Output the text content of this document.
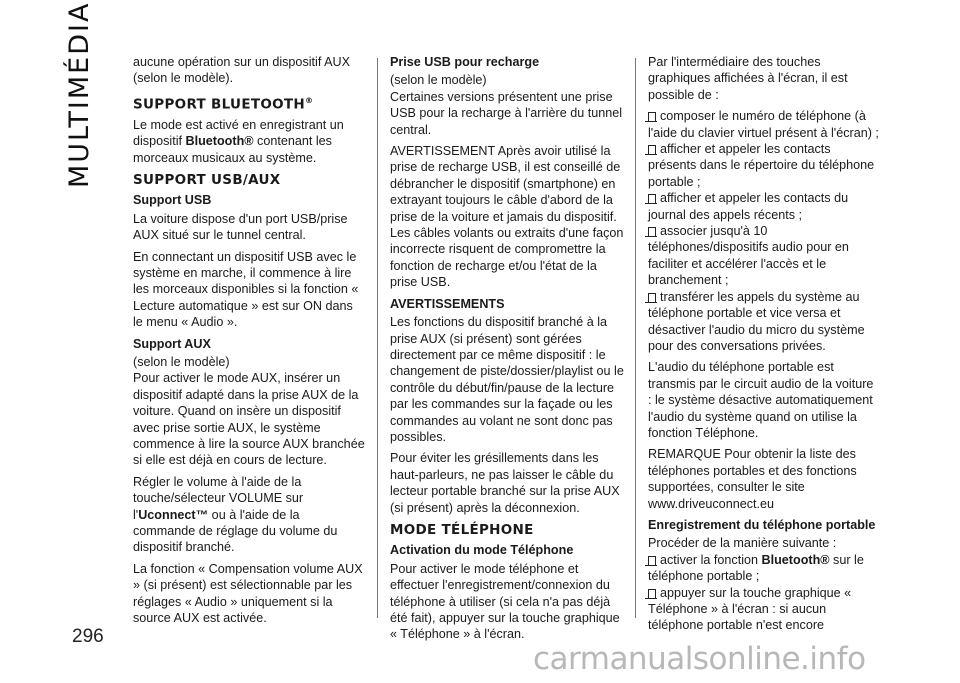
MULTIMÉDIA	aucune opération sur un dispositif AUX (selon le modèle).

SUPPORT BLUETOOTH®

Le mode est activé en enregistrant un dispositif Bluetooth® contenant les morceaux musicaux au système.

SUPPORT USB/AUX
Support USB

La voiture dispose d'un port USB/prise AUX situé sur le tunnel central.

En connectant un dispositif USB avec le système en marche, il commence à lire les morceaux disponibles si la fonction « Lecture automatique » est sur ON dans le menu « Audio ».

Support AUX

(selon le modèle)

Pour activer le mode AUX, insérer un dispositif adapté dans la prise AUX de la voiture. Quand on insère un dispositif avec prise sortie AUX, le système commence à lire la source AUX branchée si elle est déjà en cours de lecture.

Régler le volume à l'aide de la touche/sélecteur VOLUME sur l'Uconnect™ ou à l'aide de la commande de réglage du volume du dispositif branché.

La fonction « Compensation volume AUX » (si présent) est sélectionnable par les réglages « Audio » uniquement si la source AUX est activée.

Prise USB pour recharge

(selon le modèle)

Certaines versions présentent une prise USB pour la recharge à l'arrière du tunnel central.

AVERTISSEMENT Après avoir utilisé la prise de recharge USB, il est conseillé de débrancher le dispositif (smartphone) en extrayant toujours le câble d'abord de la prise de la voiture et jamais du dispositif. Les câbles volants ou extraits d'une façon incorrecte risquent de compromettre la fonction de recharge et/ou l'état de la prise USB.

AVERTISSEMENTS

Les fonctions du dispositif branché à la prise AUX (si présent) sont gérées directement par ce même dispositif : le changement de piste/dossier/playlist ou le contrôle du début/fin/pause de la lecture par les commandes sur la façade ou les commandes au volant ne sont donc pas possibles.

Pour éviter les grésillements dans les haut-parleurs, ne pas laisser le câble du lecteur portable branché sur la prise AUX (si présent) après la déconnexion.

MODE TÉLÉPHONE
Activation du mode Téléphone

Pour activer le mode téléphone et effectuer l'enregistrement/connexion du téléphone à utiliser (si cela n'a pas déjà été fait), appuyer sur la touche graphique « Téléphone » à l'écran.

Par l'intermédiaire des touches graphiques affichées à l'écran, il est possible de :

composer le numéro de téléphone (à l'aide du clavier virtuel présent à l'écran) ;

afficher et appeler les contacts présents dans le répertoire du téléphone portable ;

afficher et appeler les contacts du journal des appels récents ;

associer jusqu'à 10 téléphones/dispositifs audio pour en faciliter et accélérer l'accès et le branchement ;

transférer les appels du système au téléphone portable et vice versa et désactiver l'audio du micro du système pour des conversations privées.

L'audio du téléphone portable est transmis par le circuit audio de la voiture : le système désactive automatiquement l'audio du système quand on utilise la fonction Téléphone.

REMARQUE Pour obtenir la liste des téléphones portables et des fonctions supportées, consulter le site www.driveuconnect.eu

Enregistrement du téléphone portable

Procéder de la manière suivante :

activer la fonction Bluetooth® sur le téléphone portable ;

appuyer sur la touche graphique « Téléphone » à l'écran : si aucun téléphone portable n'est encore

296
carmanualsonline.info
